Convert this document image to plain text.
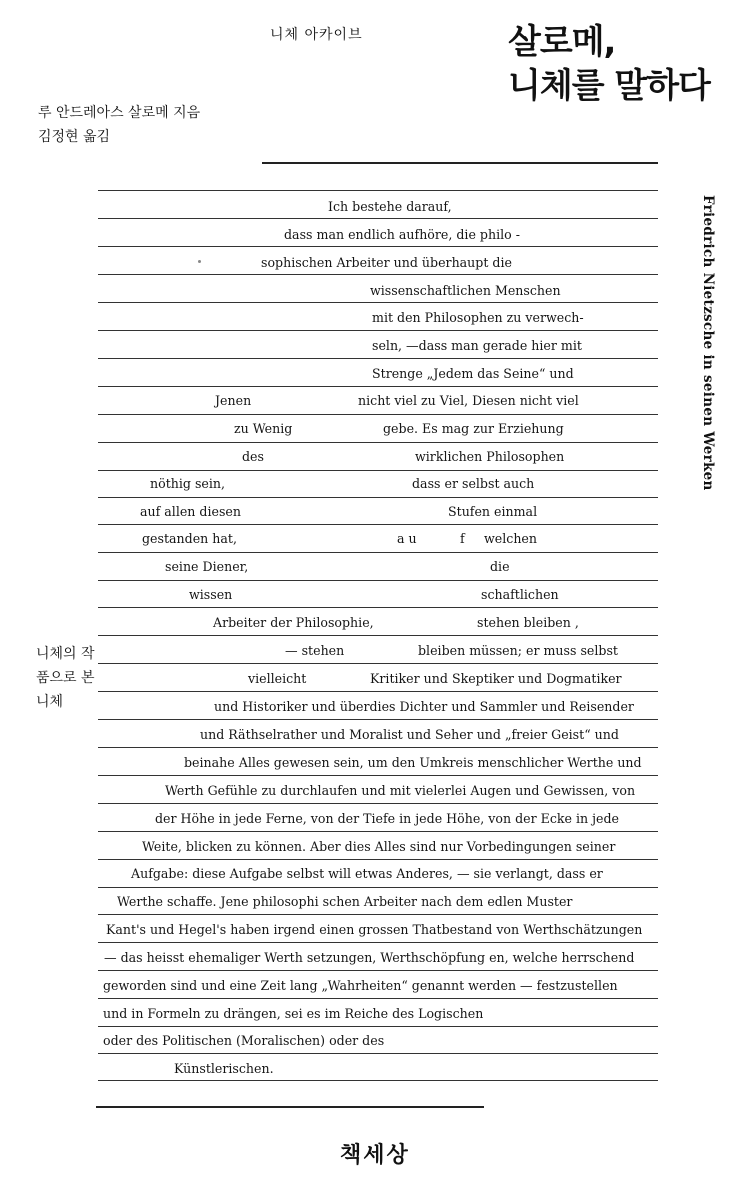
니체 아카이브	살로메,
니체를 말하다
루 안드레아스 살로메 지음
김정현 옮김
Friedrich Nietzsche in seinen Werken
니체의 작품으로 본 니체
Ich bestehe darauf,
dass man endlich aufhöre, die philo -
sophischen Arbeiter und überhaupt die
wissenschaftlichen Menschen
mit den Philosophen zu verwech-
seln, —dass man gerade hier mit
Strenge „Jedem das Seine“ und
Jenen	nicht viel zu Viel, Diesen nicht viel
zu Wenig	gebe. Es mag zur Erziehung
des	wirklichen Philosophen
nöthig sein,	dass er selbst auch
auf allen diesen	Stufen einmal
gestanden hat,	a u	f welchen
seine Diener,	die
wissen	schaftlichen
Arbeiter der Philosophie,	stehen bleiben ,
— stehen	bleiben müssen; er muss selbst
vielleicht	Kritiker und Skeptiker und Dogmatiker
und Historiker und überdies Dichter und Sammler und Reisender
und Räthselrather und Moralist und Seher und „freier Geist“ und
beinahe Alles gewesen sein, um den Umkreis menschlicher Werthe und
Werth Gefühle zu durchlaufen und mit vielerlei Augen und Gewissen, von
der Höhe in jede Ferne, von der Tiefe in jede Höhe, von der Ecke in jede
Weite, blicken zu können. Aber dies Alles sind nur Vorbedingungen seiner
Aufgabe: diese Aufgabe selbst will etwas Anderes, — sie verlangt, dass er
Werthe schaffe. Jene philosophi schen Arbeiter nach dem edlen Muster
Kant's und Hegel's haben irgend einen grossen Thatbestand von Werthschätzungen
— das heisst ehemaliger Werth setzungen, Werthschöpfung en, welche herrschend
geworden sind und eine Zeit lang „Wahrheiten“ genannt werden — festzustellen
und in Formeln zu drängen, sei es im Reiche des Logischen
oder des Politischen (Moralischen) oder des
Künstlerischen.
책세상
